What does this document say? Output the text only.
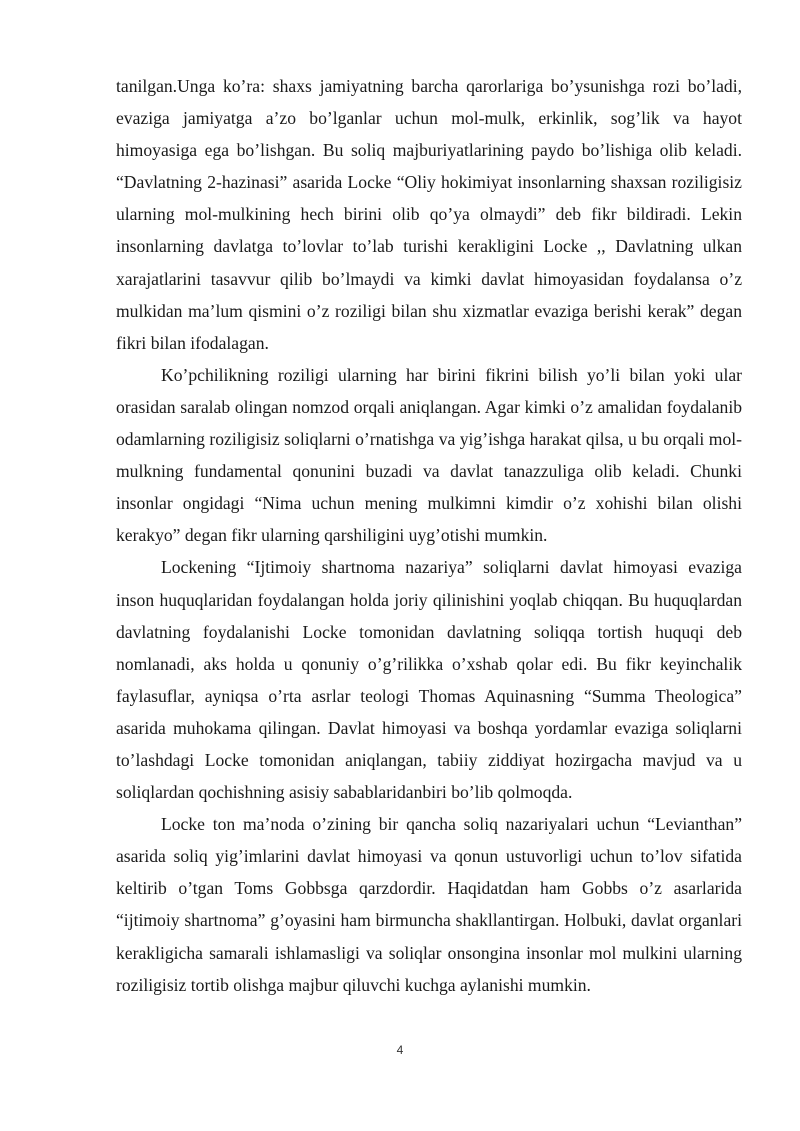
tanilgan.Unga ko’ra: shaxs jamiyatning barcha qarorlariga bo’ysunishga rozi bo’ladi, evaziga jamiyatga a’zo bo’lganlar uchun mol-mulk, erkinlik, sog’lik va hayot himoyasiga ega bo’lishgan. Bu soliq majburiyatlarining paydo bo’lishiga olib keladi. “Davlatning 2-hazinasi” asarida Locke “Oliy hokimiyat insonlarning shaxsan roziligisiz ularning mol-mulkining hech birini olib qo’ya olmaydi” deb fikr bildiradi. Lekin insonlarning davlatga to’lovlar to’lab turishi kerakligini Locke ,, Davlatning ulkan xarajatlarini tasavvur qilib bo’lmaydi va kimki davlat himoyasidan foydalansa o’z mulkidan ma’lum qismini o’z roziligi bilan shu xizmatlar evaziga berishi kerak” degan fikri bilan ifodalagan.

Ko’pchilikning roziligi ularning har birini fikrini bilish yo’li bilan yoki ular orasidan saralab olingan nomzod orqali aniqlangan. Agar kimki o’z amalidan foydalanib odamlarning roziligisiz soliqlarni o’rnatishga va yig’ishga harakat qilsa, u bu orqali mol-mulkning fundamental qonunini buzadi va davlat tanazzuliga olib keladi. Chunki insonlar ongidagi “Nima uchun mening mulkimni kimdir o’z xohishi bilan olishi kerakyo” degan fikr ularning qarshiligini uyg’otishi mumkin.

Lockening “Ijtimoiy shartnoma nazariya” soliqlarni davlat himoyasi evaziga inson huquqlaridan foydalangan holda joriy qilinishini yoqlab chiqqan. Bu huquqlardan davlatning foydalanishi Locke tomonidan davlatning soliqqa tortish huquqi deb nomlanadi, aks holda u qonuniy o’g’rilikka o’xshab qolar edi. Bu fikr keyinchalik faylasuflar, ayniqsa o’rta asrlar teologi Thomas Aquinasning “Summa Theologica” asarida muhokama qilingan. Davlat himoyasi va boshqa yordamlar evaziga soliqlarni to’lashdagi Locke tomonidan aniqlangan, tabiiy ziddiyat hozirgacha mavjud va u soliqlardan qochishning asisiy sabablaridanbiri bo’lib qolmoqda.

Locke ton ma’noda o’zining bir qancha soliq nazariyalari uchun “Levianthan” asarida soliq yig’imlarini davlat himoyasi va qonun ustuvorligi uchun to’lov sifatida keltirib o’tgan Toms Gobbsga qarzdordir. Haqidatdan ham Gobbs o’z asarlarida “ijtimoiy shartnoma” g’oyasini ham birmuncha shakllantirgan. Holbuki, davlat organlari kerakligicha samarali ishlamasligi va soliqlar onsongina insonlar mol mulkini ularning roziligisiz tortib olishga majbur qiluvchi kuchga aylanishi mumkin.

4
